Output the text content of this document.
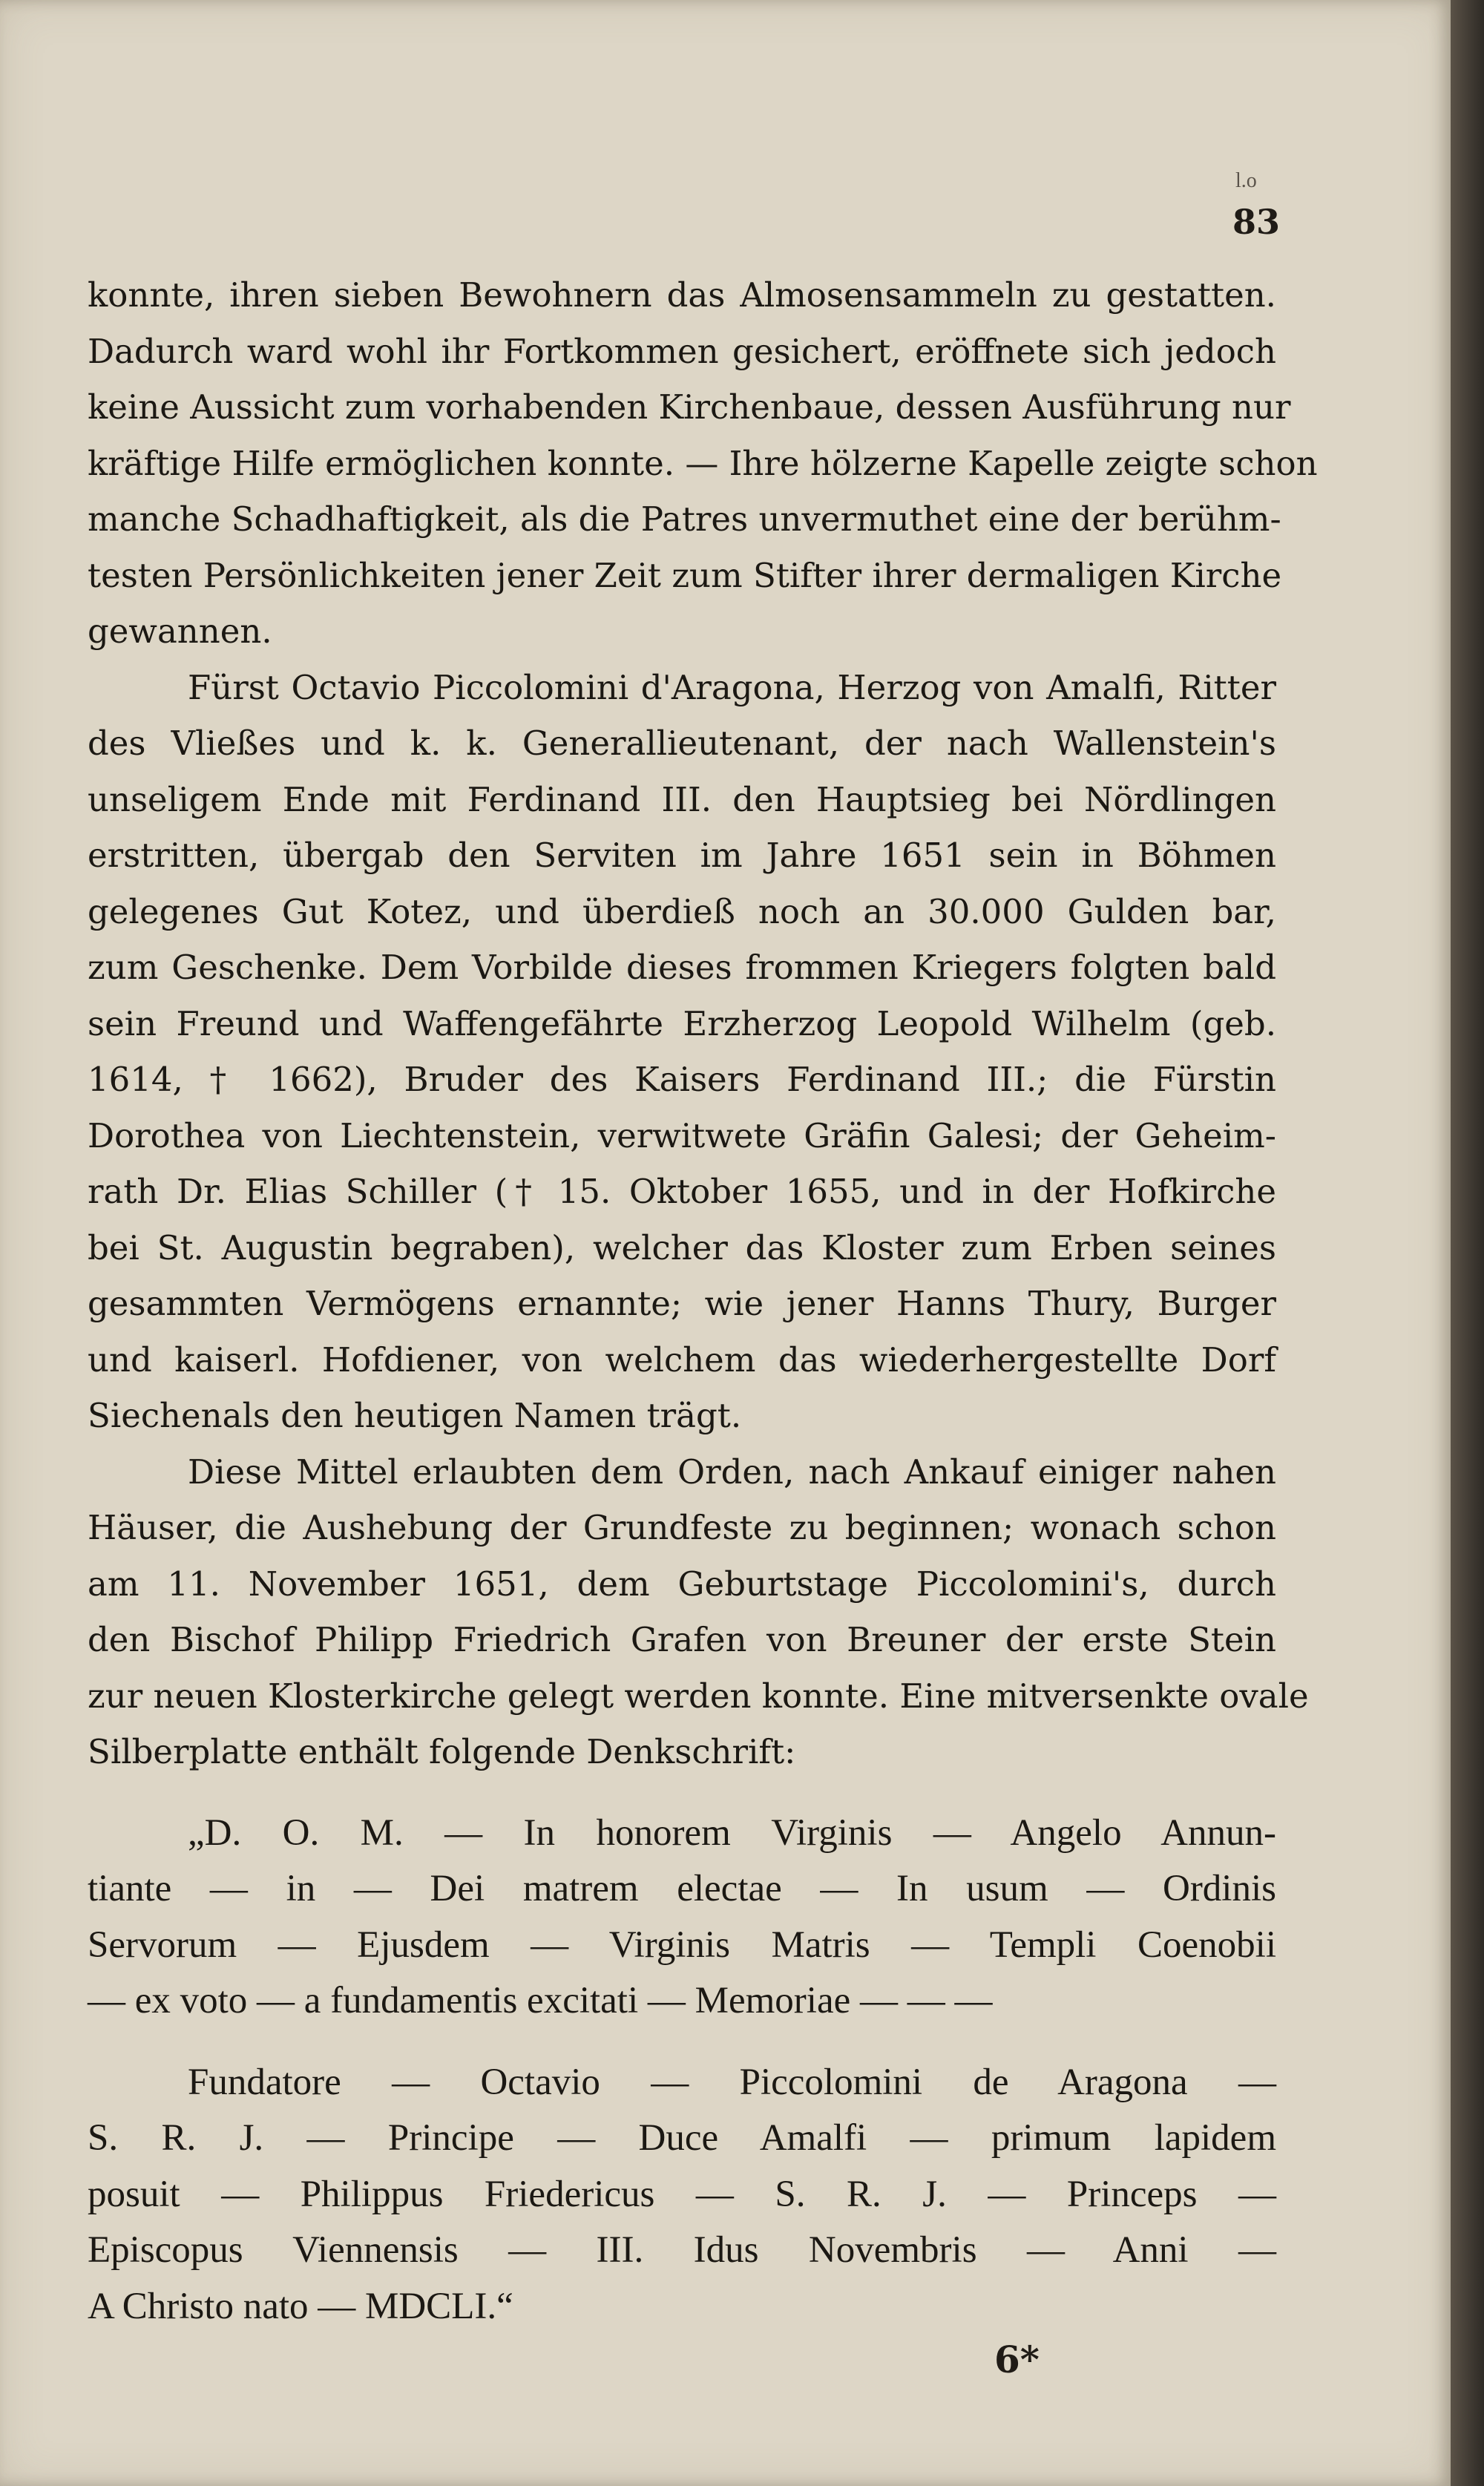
l.o
83
konnte, ihren sieben Bewohnern das Almosensammeln zu gestatten.
Dadurch ward wohl ihr Fortkommen gesichert, eröffnete sich jedoch
keine Aussicht zum vorhabenden Kirchenbaue, dessen Ausführung nur
kräftige Hilfe ermöglichen konnte. — Ihre hölzerne Kapelle zeigte schon
manche Schadhaftigkeit, als die Patres unvermuthet eine der berühm-
testen Persönlichkeiten jener Zeit zum Stifter ihrer dermaligen Kirche
gewannen.
Fürst Octavio Piccolomini d'Aragona, Herzog von Amalfi, Ritter
des Vließes und k. k. Generallieutenant, der nach Wallenstein's
unseligem Ende mit Ferdinand III. den Hauptsieg bei Nördlingen
erstritten, übergab den Serviten im Jahre 1651 sein in Böhmen
gelegenes Gut Kotez, und überdieß noch an 30.000 Gulden bar,
zum Geschenke. Dem Vorbilde dieses frommen Kriegers folgten bald
sein Freund und Waffengefährte Erzherzog Leopold Wilhelm (geb.
1614, † 1662), Bruder des Kaisers Ferdinand III.; die Fürstin
Dorothea von Liechtenstein, verwitwete Gräfin Galesi; der Geheim-
rath Dr. Elias Schiller († 15. Oktober 1655, und in der Hofkirche
bei St. Augustin begraben), welcher das Kloster zum Erben seines
gesammten Vermögens ernannte; wie jener Hanns Thury, Burger
und kaiserl. Hofdiener, von welchem das wiederhergestellte Dorf
Siechenals den heutigen Namen trägt.
Diese Mittel erlaubten dem Orden, nach Ankauf einiger nahen
Häuser, die Aushebung der Grundfeste zu beginnen; wonach schon
am 11. November 1651, dem Geburtstage Piccolomini's, durch
den Bischof Philipp Friedrich Grafen von Breuner der erste Stein
zur neuen Klosterkirche gelegt werden konnte. Eine mitversenkte ovale
Silberplatte enthält folgende Denkschrift:
„D. O. M. — In honorem Virginis — Angelo Annun-
tiante — in — Dei matrem electae — In usum — Ordinis
Servorum — Ejusdem — Virginis Matris — Templi Coenobii
— ex voto — a fundamentis excitati — Memoriae — — —
Fundatore — Octavio — Piccolomini de Aragona —
S. R. J. — Principe — Duce Amalfi — primum lapidem
posuit — Philippus Friedericus — S. R. J. — Princeps —
Episcopus Viennensis — III. Idus Novembris — Anni —
A Christo nato — MDCLI.“
6*
